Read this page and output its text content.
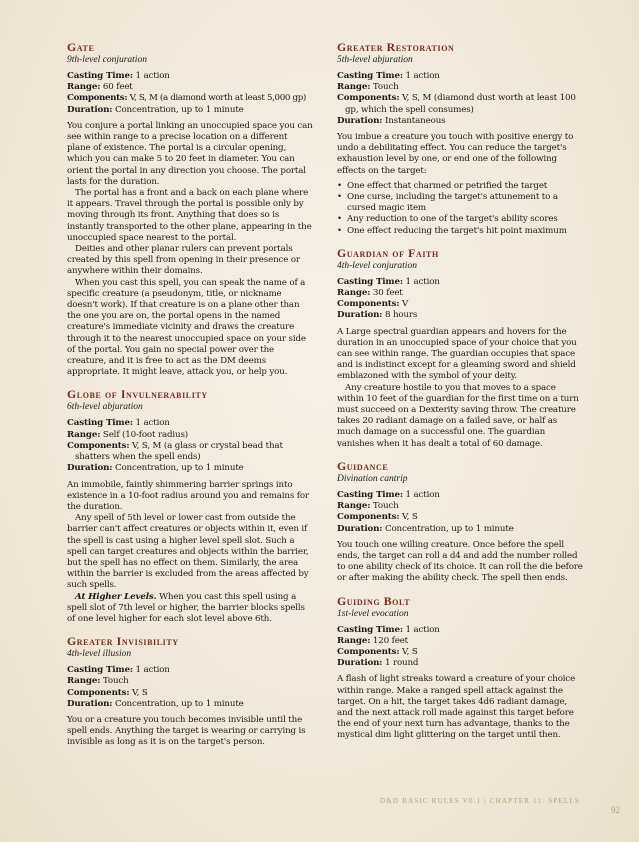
Gate
9th-level conjuration
Casting Time: 1 action
Range: 60 feet
Components: V, S, M (a diamond worth at least 5,000 gp)
Duration: Concentration, up to 1 minute

You conjure a portal linking an unoccupied space you can see within range to a precise location on a different plane of existence. The portal is a circular opening, which you can make 5 to 20 feet in diameter. You can orient the portal in any direction you choose. The portal lasts for the duration.

The portal has a front and a back on each plane where it appears. Travel through the portal is possible only by moving through its front. Anything that does so is instantly transported to the other plane, appearing in the unoccupied space nearest to the portal.

Deities and other planar rulers can prevent portals created by this spell from opening in their presence or anywhere within their domains.

When you cast this spell, you can speak the name of a specific creature (a pseudonym, title, or nickname doesn't work). If that creature is on a plane other than the one you are on, the portal opens in the named creature's immediate vicinity and draws the creature through it to the nearest unoccupied space on your side of the portal. You gain no special power over the creature, and it is free to act as the DM deems appropriate. It might leave, attack you, or help you.

Globe of Invulnerability
6th-level abjuration
Casting Time: 1 action
Range: Self (10-foot radius)
Components: V, S, M (a glass or crystal bead that shatters when the spell ends)
Duration: Concentration, up to 1 minute

An immobile, faintly shimmering barrier springs into existence in a 10-foot radius around you and remains for the duration.

Any spell of 5th level or lower cast from outside the barrier can't affect creatures or objects within it, even if the spell is cast using a higher level spell slot. Such a spell can target creatures and objects within the barrier, but the spell has no effect on them. Similarly, the area within the barrier is excluded from the areas affected by such spells.

At Higher Levels. When you cast this spell using a spell slot of 7th level or higher, the barrier blocks spells of one level higher for each slot level above 6th.

Greater Invisibility
4th-level illusion
Casting Time: 1 action
Range: Touch
Components: V, S
Duration: Concentration, up to 1 minute

You or a creature you touch becomes invisible until the spell ends. Anything the target is wearing or carrying is invisible as long as it is on the target's person.

Greater Restoration
5th-level abjuration
Casting Time: 1 action
Range: Touch
Components: V, S, M (diamond dust worth at least 100 gp, which the spell consumes)
Duration: Instantaneous

You imbue a creature you touch with positive energy to undo a debilitating effect. You can reduce the target's exhaustion level by one, or end one of the following effects on the target:

• One effect that charmed or petrified the target
• One curse, including the target's attunement to a cursed magic item
• Any reduction to one of the target's ability scores
• One effect reducing the target's hit point maximum
Guardian of Faith
4th-level conjuration
Casting Time: 1 action
Range: 30 feet
Components: V
Duration: 8 hours

A Large spectral guardian appears and hovers for the duration in an unoccupied space of your choice that you can see within range. The guardian occupies that space and is indistinct except for a gleaming sword and shield emblazoned with the symbol of your deity.

Any creature hostile to you that moves to a space within 10 feet of the guardian for the first time on a turn must succeed on a Dexterity saving throw. The creature takes 20 radiant damage on a failed save, or half as much damage on a successful one. The guardian vanishes when it has dealt a total of 60 damage.

Guidance
Divination cantrip
Casting Time: 1 action
Range: Touch
Components: V, S
Duration: Concentration, up to 1 minute

You touch one willing creature. Once before the spell ends, the target can roll a d4 and add the number rolled to one ability check of its choice. It can roll the die before or after making the ability check. The spell then ends.

Guiding Bolt
1st-level evocation
Casting Time: 1 action
Range: 120 feet
Components: V, S
Duration: 1 round

A flash of light streaks toward a creature of your choice within range. Make a ranged spell attack against the target. On a hit, the target takes 4d6 radiant damage, and the next attack roll made against this target before the end of your next turn has advantage, thanks to the mystical dim light glittering on the target until then.

D&D BASIC RULES V0.1 | CHAPTER 11: SPELLS
92
